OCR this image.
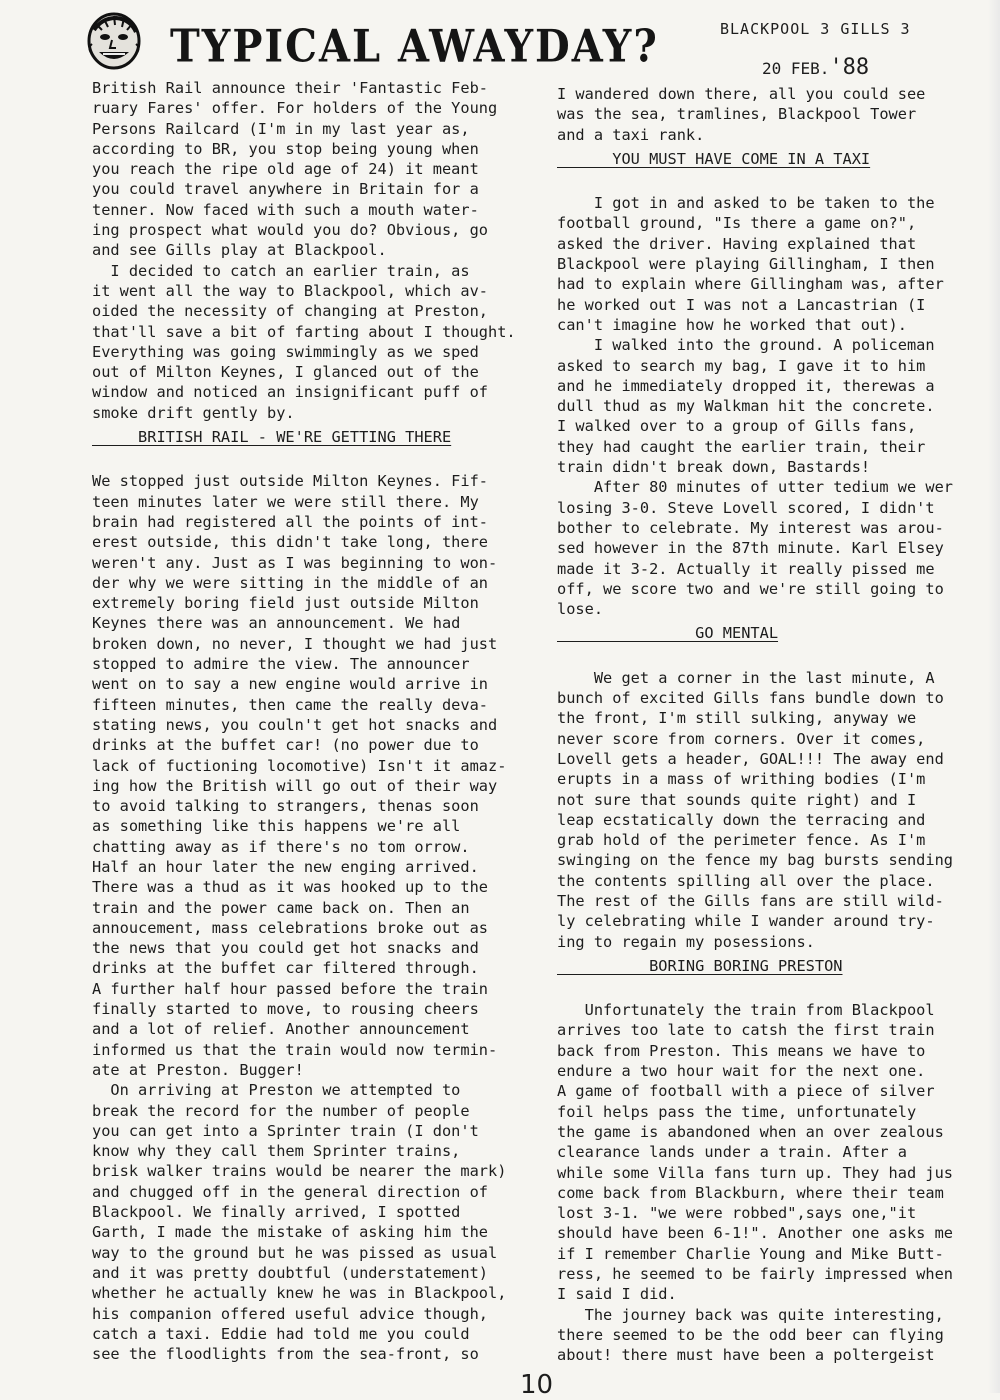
TYPICAL AWAYDAY?	BLACKPOOL 3 GILLS 3
20 FEB.'88
British Rail announce their 'Fantastic Feb-
ruary Fares' offer. For holders of the Young
Persons Railcard (I'm in my last year as,
according to BR, you stop being young when
you reach the ripe old age of 24) it meant
you could travel anywhere in Britain for a
tenner. Now faced with such a mouth water-
ing prospect what would you do? Obvious, go
and see Gills play at Blackpool.
I decided to catch an earlier train, as
it went all the way to Blackpool, which av-
oided the necessity of changing at Preston,
that'll save a bit of farting about I thought.
Everything was going swimmingly as we sped
out of Milton Keynes, I glanced out of the
window and noticed an insignificant puff of
smoke drift gently by.
BRITISH RAIL - WE'RE GETTING THERE
We stopped just outside Milton Keynes. Fif-
teen minutes later we were still there. My
brain had registered all the points of int-
erest outside, this didn't take long, there
weren't any. Just as I was beginning to won-
der why we were sitting in the middle of an
extremely boring field just outside Milton
Keynes there was an announcement. We had
broken down, no never, I thought we had just
stopped to admire the view. The announcer
went on to say a new engine would arrive in
fifteen minutes, then came the really deva-
stating news, you couln't get hot snacks and
drinks at the buffet car! (no power due to
lack of fuctioning locomotive) Isn't it amaz-
ing how the British will go out of their way
to avoid talking to strangers, thenas soon
as something like this happens we're all
chatting away as if there's no tom orrow.
Half an hour later the new enging arrived.
There was a thud as it was hooked up to the
train and the power came back on. Then an
annoucement, mass celebrations broke out as
the news that you could get hot snacks and
drinks at the buffet car filtered through.
A further half hour passed before the train
finally started to move, to rousing cheers
and a lot of relief. Another announcement
informed us that the train would now termin-
ate at Preston. Bugger!
On arriving at Preston we attempted to
break the record for the number of people
you can get into a Sprinter train (I don't
know why they call them Sprinter trains,
brisk walker trains would be nearer the mark)
and chugged off in the general direction of
Blackpool. We finally arrived, I spotted
Garth, I made the mistake of asking him the
way to the ground but he was pissed as usual
and it was pretty doubtful (understatement)
whether he actually knew he was in Blackpool,
his companion offered useful advice though,
catch a taxi. Eddie had told me you could
see the floodlights from the sea-front, so
I wandered down there, all you could see
was the sea, tramlines, Blackpool Tower
and a taxi rank.
YOU MUST HAVE COME IN A TAXI
I got in and asked to be taken to the
football ground, "Is there a game on?",
asked the driver. Having explained that
Blackpool were playing Gillingham, I then
had to explain where Gillingham was, after
he worked out I was not a Lancastrian (I
can't imagine how he worked that out).
I walked into the ground. A policeman
asked to search my bag, I gave it to him
and he immediately dropped it, therewas a
dull thud as my Walkman hit the concrete.
I walked over to a group of Gills fans,
they had caught the earlier train, their
train didn't break down, Bastards!
After 80 minutes of utter tedium we wer
losing 3-0. Steve Lovell scored, I didn't
bother to celebrate. My interest was arou-
sed however in the 87th minute. Karl Elsey
made it 3-2. Actually it really pissed me
off, we score two and we're still going to
lose.
GO MENTAL
We get a corner in the last minute, A
bunch of excited Gills fans bundle down to
the front, I'm still sulking, anyway we
never score from corners. Over it comes,
Lovell gets a header, GOAL!!! The away end
erupts in a mass of writhing bodies (I'm
not sure that sounds quite right) and I
leap ecstatically down the terracing and
grab hold of the perimeter fence. As I'm
swinging on the fence my bag bursts sending
the contents spilling all over the place.
The rest of the Gills fans are still wild-
ly celebrating while I wander around try-
ing to regain my posessions.
BORING BORING PRESTON
Unfortunately the train from Blackpool
arrives too late to catsh the first train
back from Preston. This means we have to
endure a two hour wait for the next one.
A game of football with a piece of silver
foil helps pass the time, unfortunately
the game is abandoned when an over zealous
clearance lands under a train. After a
while some Villa fans turn up. They had jus
come back from Blackburn, where their team
lost 3-1. "we were robbed",says one,"it
should have been 6-1!". Another one asks me
if I remember Charlie Young and Mike Butt-
ress, he seemed to be fairly impressed when
I said I did.
The journey back was quite interesting,
there seemed to be the odd beer can flying
about! there must have been a poltergeist
10
